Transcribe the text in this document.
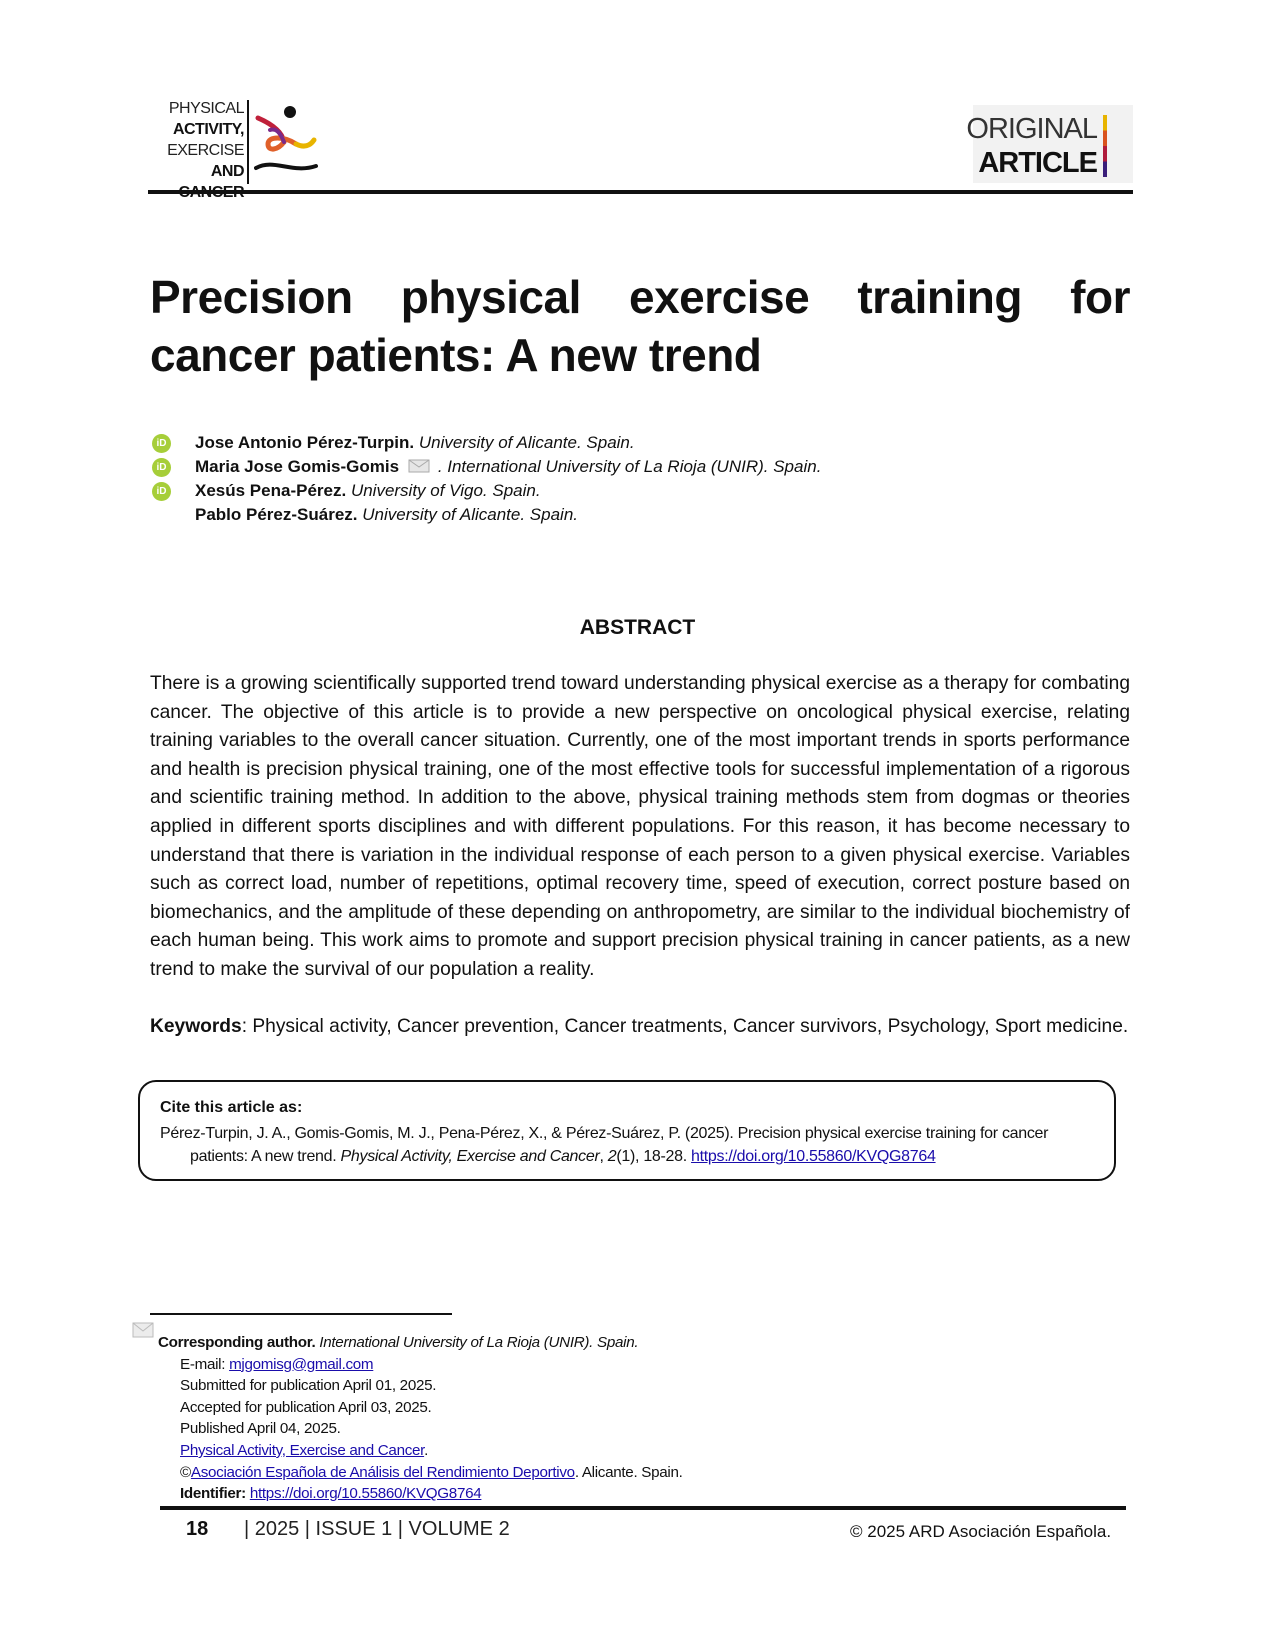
PHYSICAL
ACTIVITY,
EXERCISE
AND
ORIGINAL
ARTICLE
Precision physical exercise training for cancer patients: A new trend
iD Jose Antonio Pérez-Turpin. University of Alicante. Spain.
iD Maria Jose Gomis-Gomis . International University of La Rioja (UNIR). Spain.
iD Xesús Pena-Pérez. University of Vigo. Spain.
Pablo Pérez-Suárez. University of Alicante. Spain.
ABSTRACT

There is a growing scientifically supported trend toward understanding physical exercise as a therapy for combating cancer. The objective of this article is to provide a new perspective on oncological physical exercise, relating training variables to the overall cancer situation. Currently, one of the most important trends in sports performance and health is precision physical training, one of the most effective tools for successful implementation of a rigorous and scientific training method. In addition to the above, physical training methods stem from dogmas or theories applied in different sports disciplines and with different populations. For this reason, it has become necessary to understand that there is variation in the individual response of each person to a given physical exercise. Variables such as correct load, number of repetitions, optimal recovery time, speed of execution, correct posture based on biomechanics, and the amplitude of these depending on anthropometry, are similar to the individual biochemistry of each human being. This work aims to promote and support precision physical training in cancer patients, as a new trend to make the survival of our population a reality.

Keywords: Physical activity, Cancer prevention, Cancer treatments, Cancer survivors, Psychology, Sport medicine.

Cite this article as:
Pérez-Turpin, J. A., Gomis-Gomis, M. J., Pena-Pérez, X., & Pérez-Suárez, P. (2025). Precision physical exercise training for cancer patients: A new trend. Physical Activity, Exercise and Cancer, 2(1), 18-28. https://doi.org/10.55860/KVQG8764
Corresponding author. International University of La Rioja (UNIR). Spain.
E-mail: mjgomisg@gmail.com
Submitted for publication April 01, 2025.
Accepted for publication April 03, 2025.
Published April 04, 2025.
Physical Activity, Exercise and Cancer.
©Asociación Española de Análisis del Rendimiento Deportivo. Alicante. Spain.
Identifier: https://doi.org/10.55860/KVQG8764
18 | 2025 | ISSUE 1 | VOLUME 2	© 2025 ARD Asociación Española.
